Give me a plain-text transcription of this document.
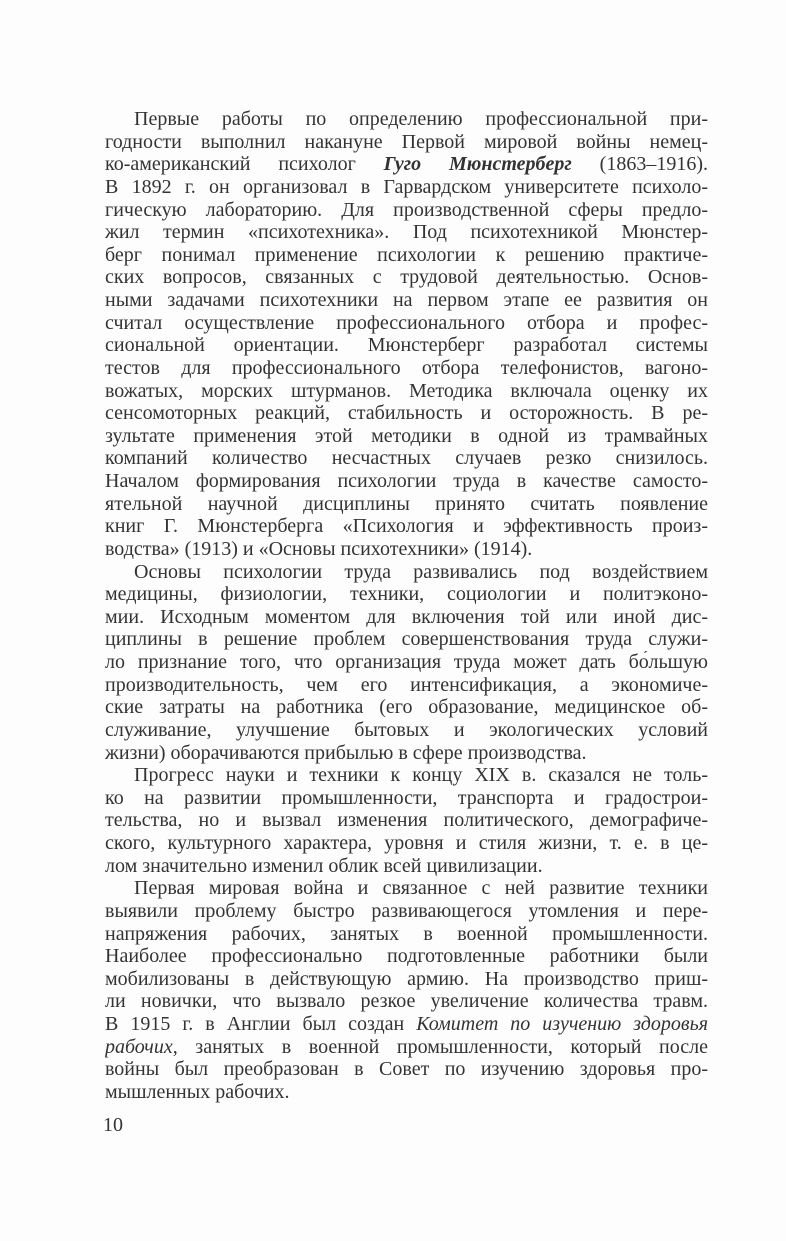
Первые работы по определению профессиональной при-
годности выполнил накануне Первой мировой войны немец-
ко-американский психолог Гуго Мюнстерберг (1863–1916).
В 1892 г. он организовал в Гарвардском университете психоло-
гическую лабораторию. Для производственной сферы предло-
жил термин «психотехника». Под психотехникой Мюнстер-
берг понимал применение психологии к решению практиче-
ских вопросов, связанных с трудовой деятельностью. Основ-
ными задачами психотехники на первом этапе ее развития он
считал осуществление профессионального отбора и профес-
сиональной ориентации. Мюнстерберг разработал системы
тестов для профессионального отбора телефонистов, вагоно-
вожатых, морских штурманов. Методика включала оценку их
сенсомоторных реакций, стабильность и осторожность. В ре-
зультате применения этой методики в одной из трамвайных
компаний количество несчастных случаев резко снизилось.
Началом формирования психологии труда в качестве самосто-
ятельной научной дисциплины принято считать появление
книг Г. Мюнстерберга «Психология и эффективность произ-
водства» (1913) и «Основы психотехники» (1914).
Основы психологии труда развивались под воздействием
медицины, физиологии, техники, социологии и политэконо-
мии. Исходным моментом для включения той или иной дис-
циплины в решение проблем совершенствования труда служи-
ло признание того, что организация труда может дать бо́льшую
производительность, чем его интенсификация, а экономиче-
ские затраты на работника (его образование, медицинское об-
служивание, улучшение бытовых и экологических условий
жизни) оборачиваются прибылью в сфере производства.
Прогресс науки и техники к концу XIX в. сказался не толь-
ко на развитии промышленности, транспорта и градострои-
тельства, но и вызвал изменения политического, демографиче-
ского, культурного характера, уровня и стиля жизни, т. е. в це-
лом значительно изменил облик всей цивилизации.
Первая мировая война и связанное с ней развитие техники
выявили проблему быстро развивающегося утомления и пере-
напряжения рабочих, занятых в военной промышленности.
Наиболее профессионально подготовленные работники были
мобилизованы в действующую армию. На производство приш-
ли новички, что вызвало резкое увеличение количества травм.
В 1915 г. в Англии был создан Комитет по изучению здоровья
рабочих, занятых в военной промышленности, который после
войны был преобразован в Совет по изучению здоровья про-
мышленных рабочих.
10
